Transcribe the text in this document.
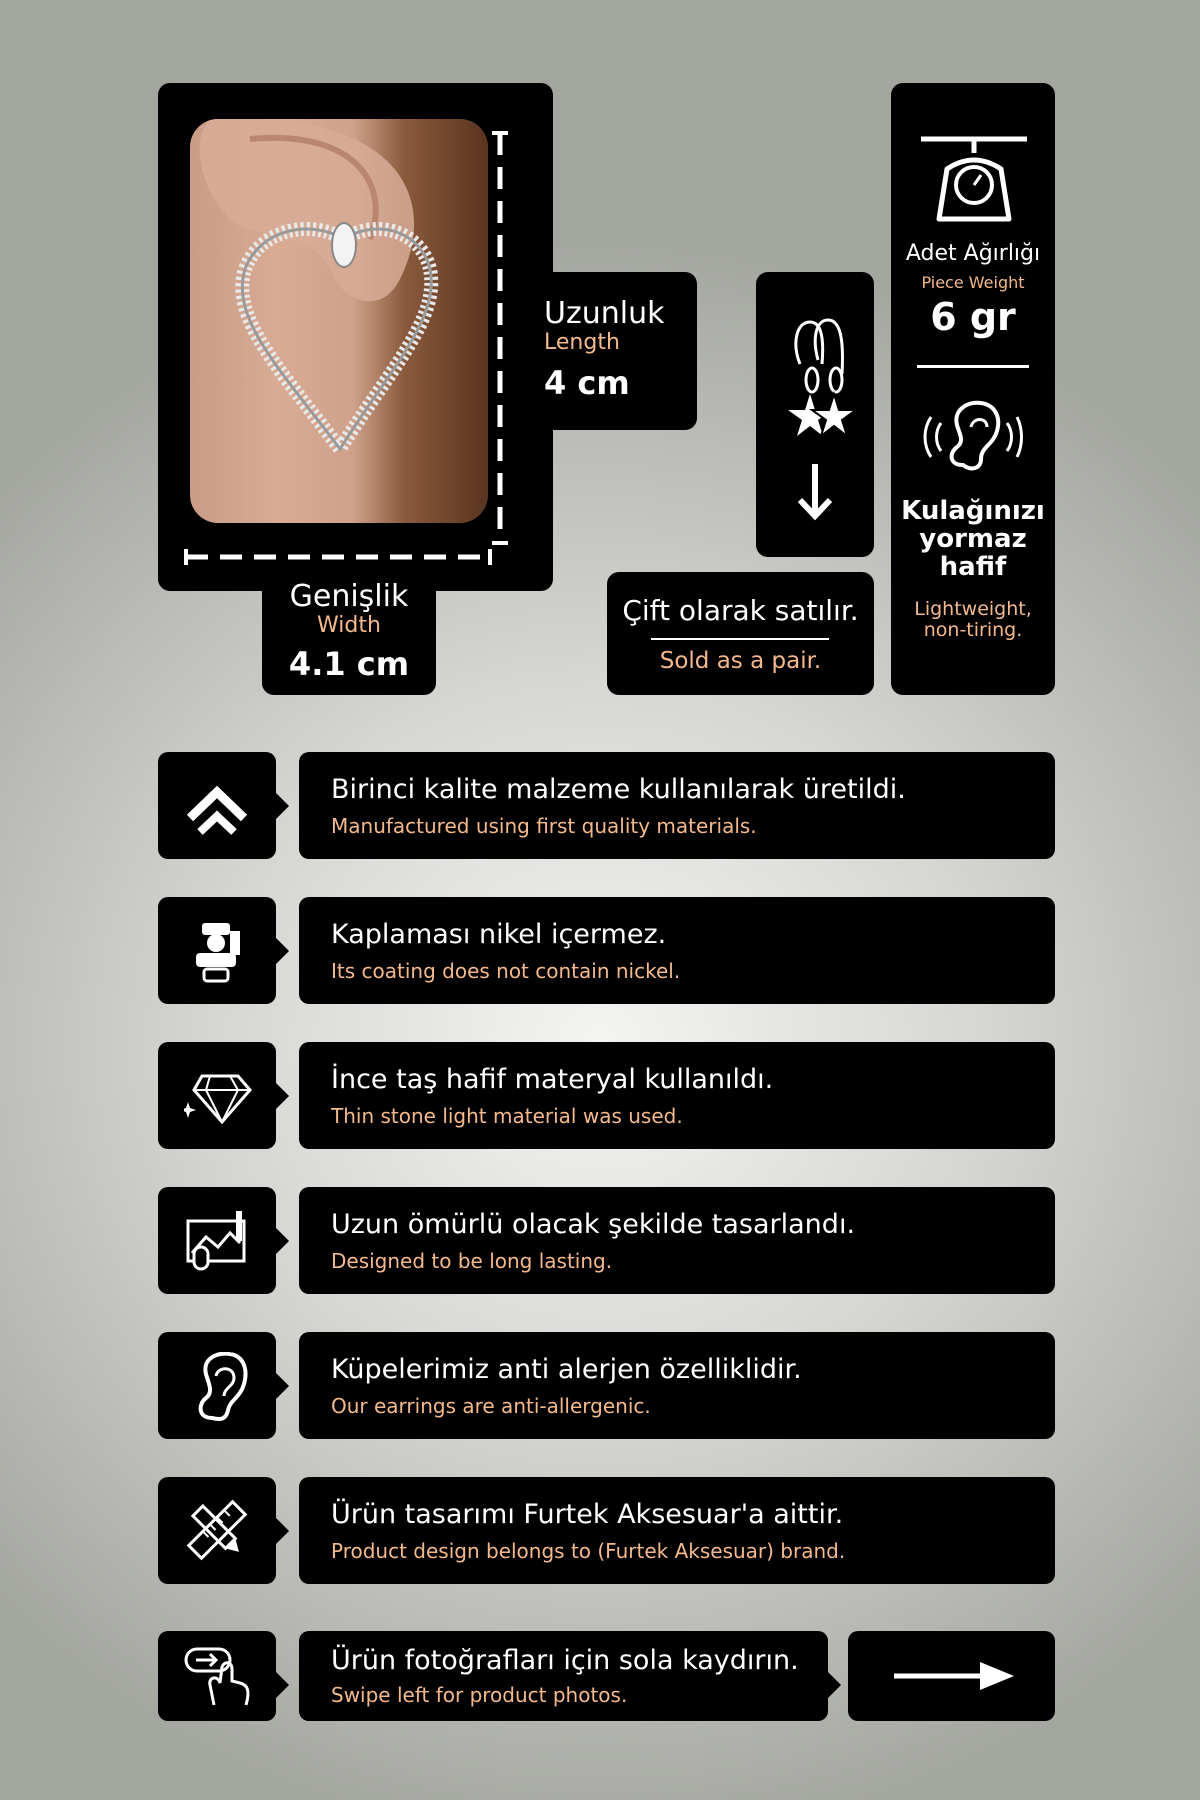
Uzunluk
Length
4 cm
Genişlik
Width
4.1 cm
Çift olarak satılır.
Sold as a pair.
Adet Ağırlığı
Piece Weight
6 gr
Kulağınızı
yormaz
hafif
Lightweight,
non-tiring.
Birinci kalite malzeme kullanılarak üretildi.
Manufactured using first quality materials.
Kaplaması nikel içermez.
Its coating does not contain nickel.
İnce taş hafif materyal kullanıldı.
Thin stone light material was used.
Uzun ömürlü olacak şekilde tasarlandı.
Designed to be long lasting.
Küpelerimiz anti alerjen özelliklidir.
Our earrings are anti-allergenic.
Ürün tasarımı Furtek Aksesuar'a aittir.
Product design belongs to (Furtek Aksesuar) brand.
Ürün fotoğrafları için sola kaydırın.
Swipe left for product photos.
